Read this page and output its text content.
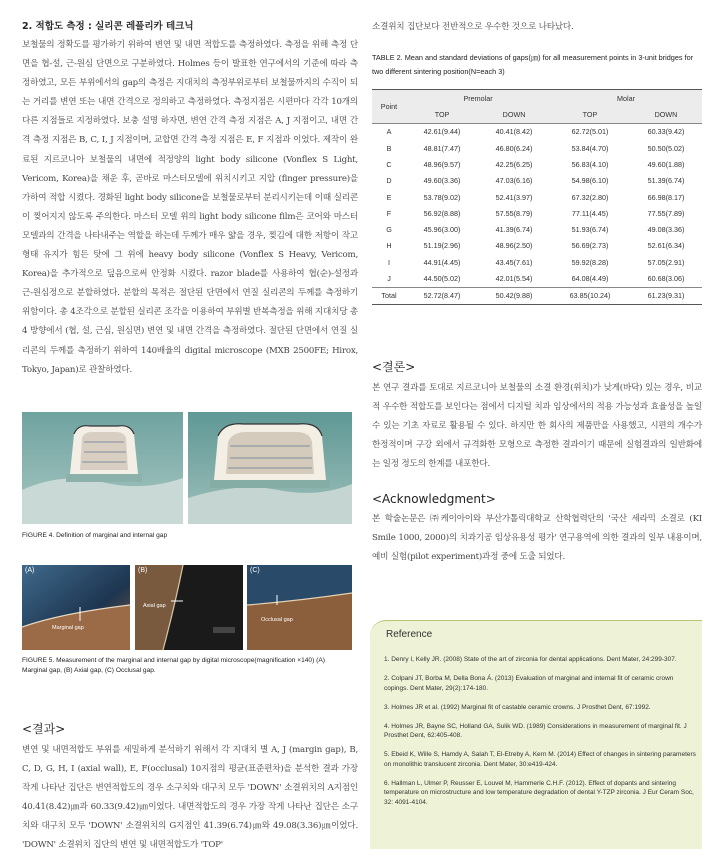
2. 적합도 측정 : 실리콘 레플리카 테크닉

보철물의 정확도를 평가하기 위하여 변연 및 내면 적합도를 측정하였다. 측정을 위해 측정 단면을 협-설, 근-원심 단면으로 구분하였다. Holmes 등이 발표한 연구에서의 기준에 따라 측정하였고, 모든 부위에서의 gap의 측정은 지대치의 측정부위로부터 보철물까지의 수직이 되는 거리를 변연 또는 내면 간격으로 정의하고 측정하였다. 측정지점은 시편마다 각각 10개의 다른 지점들로 지정하였다. 보충 설명 하자면, 변연 간격 측정 지점은 A, J 지점이고, 내면 간격 측정 지점은 B, C, I, J 지점이며, 교합면 간격 측정 지점은 E, F 지점과 이었다. 제작이 완료된 지르코니아 보철물의 내면에 적정양의 light body silicone (Vonflex S Light, Vericom, Korea)을 채운 후, 곧바로 마스터모델에 위치시키고 지압 (finger pressure)을 가하여 적합 시켰다. 경화된 light body silicone을 보철물로부터 분리시키는데 이때 실리콘이 찢어지지 않도록 주의한다. 마스터 모델 위의 light body silicone film은 코어와 마스터 모델과의 간격을 나타내주는 역할을 하는데 두께가 매우 얇을 경우, 찢김에 대한 저항이 작고 형태 유지가 힘든 탓에 그 위에 heavy body silicone (Vonflex S Heavy, Vericom, Korea)을 추가적으로 덮음으로써 안정화 시켰다. razor blade를 사용하여 협(순)-설정과 근-원심정으로 분할하였다. 분할의 목적은 절단된 단면에서 연질 실리콘의 두께를 측정하기 위함이다. 총 4조각으로 분할된 실리콘 조각을 이용하여 부위별 반복측정을 위해 지대치당 총 4 방향에서 (협, 설, 근심, 원심면) 변연 및 내면 간격을 측정하였다. 절단된 단면에서 연질 실리콘의 두께를 측정하기 위하여 140배율의 digital microscope (MXB 2500FE; Hirox, Tokyo, Japan)로 관찰하였다.

FIGURE 4. Definition of marginal and internal gap
(A)
Marginal gap
(B)
Axial gap
(C)
Occlusal gap
FIGURE 5. Measurement of the marginal and internal gap by digital microscope(magnification ×140) (A) Marginal gap, (B) Axial gap, (C) Occlusal gap.

<결과>

변연 및 내면적합도 부위를 세밀하게 분석하기 위해서 각 지대치 별 A, J (margin gap), B, C, D, G, H, I (axial wall), E, F(occlusal) 10지점의 평균(표준편차)을 분석한 결과 가장 작게 나타난 집단은 변연적합도의 경우 소구치와 대구치 모두 'DOWN' 소결위치의 A지점인 40.41(8.42)㎛과 60.33(9.42)㎛이었다. 내면적합도의 경우 가장 작게 나타난 집단은 소구치와 대구치 모두 'DOWN' 소결위치의 G지점인 41.39(6.74)㎛와 49.08(3.36)㎛이었다. 'DOWN' 소결위치 집단의 변연 및 내면적합도가 'TOP'

소결위치 집단보다 전반적으로 우수한 것으로 나타났다.

TABLE 2. Mean and standard deviations of gaps(㎛) for all measurement points in 3-unit bridges for two different sintering position(N=each 3)

Point	Premolar		Molar	
	TOP	DOWN	TOP	DOWN
A	42.61(9.44)	40.41(8.42)	62.72(5.01)	60.33(9.42)
B	48.81(7.47)	46.80(6.24)	53.84(4.70)	50.50(5.02)
C	48.96(9.57)	42.25(6.25)	56.83(4.10)	49.60(1.88)
D	49.60(3.36)	47.03(6.16)	54.98(6.10)	51.39(6.74)
E	53.78(9.02)	52.41(3.97)	67.32(2.80)	66.98(8.17)
F	56.92(8.88)	57.55(8.79)	77.11(4.45)	77.55(7.89)
G	45.96(3.00)	41.39(6.74)	51.93(6.74)	49.08(3.36)
H	51.19(2.96)	48.96(2.50)	56.69(2.73)	52.61(6.34)
I	44.91(4.45)	43.45(7.61)	59.92(8.28)	57.05(2.91)
J	44.50(5.02)	42.01(5.54)	64.08(4.49)	60.68(3.06)
Total	52.72(8.47)	50.42(9.88)	63.85(10.24)	61.23(9.31)

<결론>

본 연구 결과를 토대로 지르코니아 보철물의 소결 환경(위치)가 낮게(바닥) 있는 경우, 비교적 우수한 적합도를 보인다는 점에서 디지털 치과 임상에서의 적용 가능성과 효율성을 높일 수 있는 기초 자료로 활용될 수 있다. 하지만 한 회사의 제품만을 사용했고, 시편의 개수가 한정적이며 구강 외에서 규격화한 모형으로 측정한 결과이기 때문에 실험결과의 일반화에는 일정 정도의 한계를 내포한다.

<Acknowledgment>

본 학술논문은 ㈜케이아이와 부산가톨릭대학교 산학협력단의 '국산 세라믹 소결로 (KI Smile 1000, 2000)의 치과기공 임상유용성 평가' 연구용역에 의한 결과의 일부 내용이며, 예비 실험(pilot experiment)과정 중에 도출 되었다.

Reference
1. Denry I, Kelly JR. (2008) State of the art of zirconia for dental applications. Dent Mater, 24:299-307.
2. Colpani JT, Borba M, Della Bona Á. (2013) Evaluation of marginal and internal fit of ceramic crown copings. Dent Mater, 29(2):174-180.
3. Holmes JR et al. (1992) Marginal fit of castable ceramic crowns. J Prosthet Dent, 67:1992.
4. Holmes JR, Bayne SC, Holland GA, Sulik WD. (1989) Considerations in measurement of marginal fit. J Prosthet Dent, 62:405-408.
5. Ebeid K, Wille S, Hamdy A, Salah T, El-Etreby A, Kern M. (2014) Effect of changes in sintering parameters on monolithic translucent zirconia. Dent Mater, 30:e419-424.
6. Hallman L, Ulmer P, Reusser E, Louvel M, Hammerle C.H.F. (2012). Effect of dopants and sintering temperature on microstructure and low temperature degradation of dental Y-TZP zirconia. J Eur Ceram Soc, 32: 4091-4104.
